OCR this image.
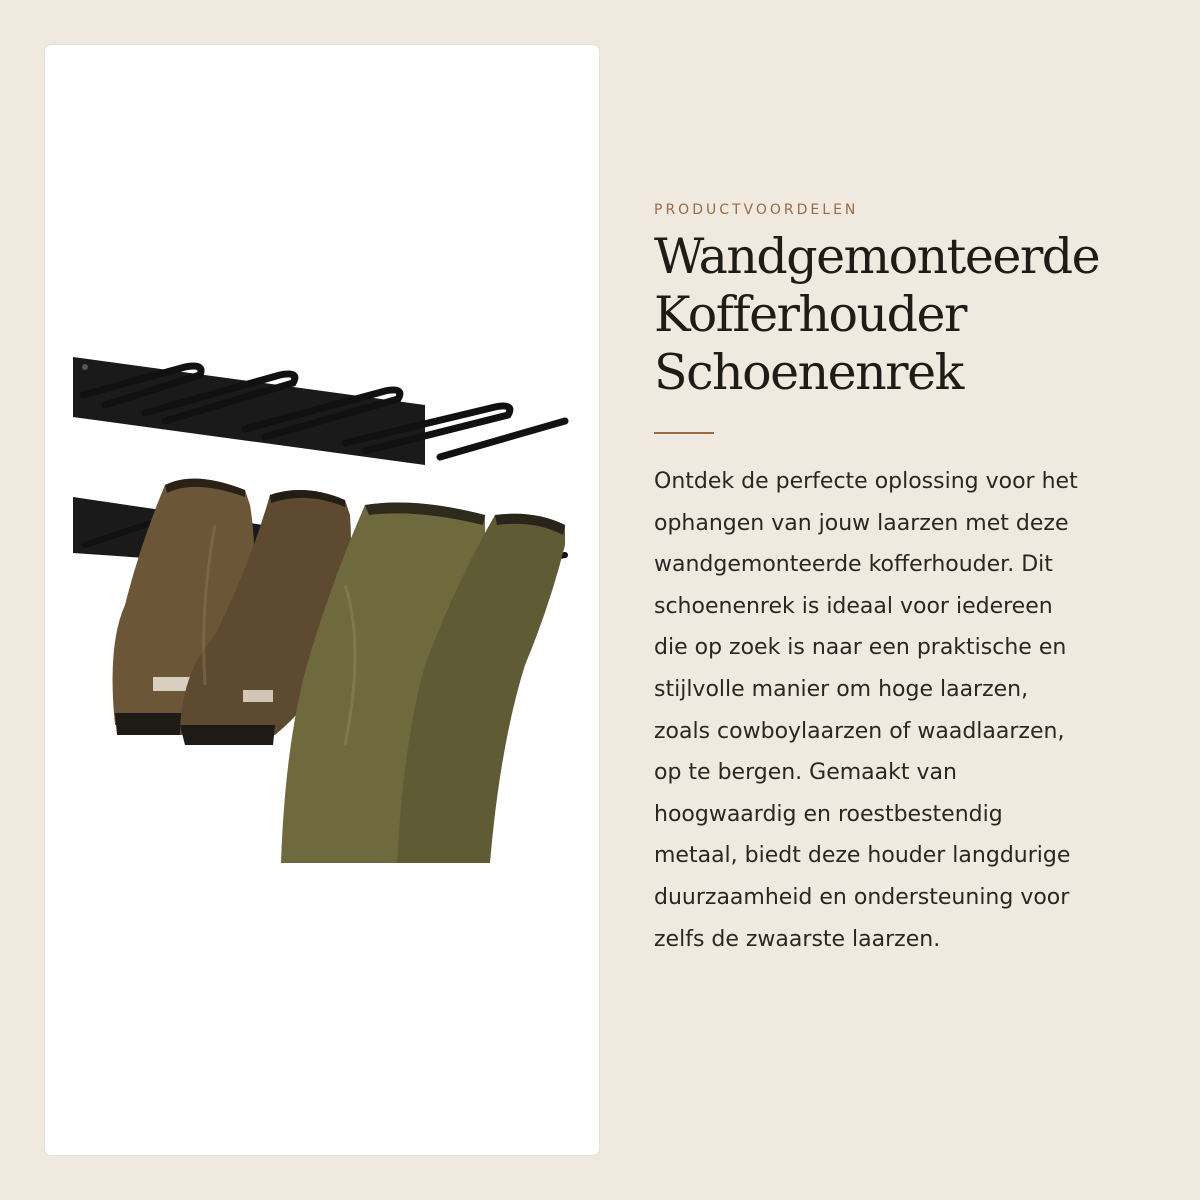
PRODUCTVOORDELEN

Wandgemonteerde
Kofferhouder
Schoenenrek

Ontdek de perfecte oplossing voor het
ophangen van jouw laarzen met deze
wandgemonteerde kofferhouder. Dit
schoenenrek is ideaal voor iedereen
die op zoek is naar een praktische en
stijlvolle manier om hoge laarzen,
zoals cowboylaarzen of waadlaarzen,
op te bergen. Gemaakt van
hoogwaardig en roestbestendig
metaal, biedt deze houder langdurige
duurzaamheid en ondersteuning voor
zelfs de zwaarste laarzen.
